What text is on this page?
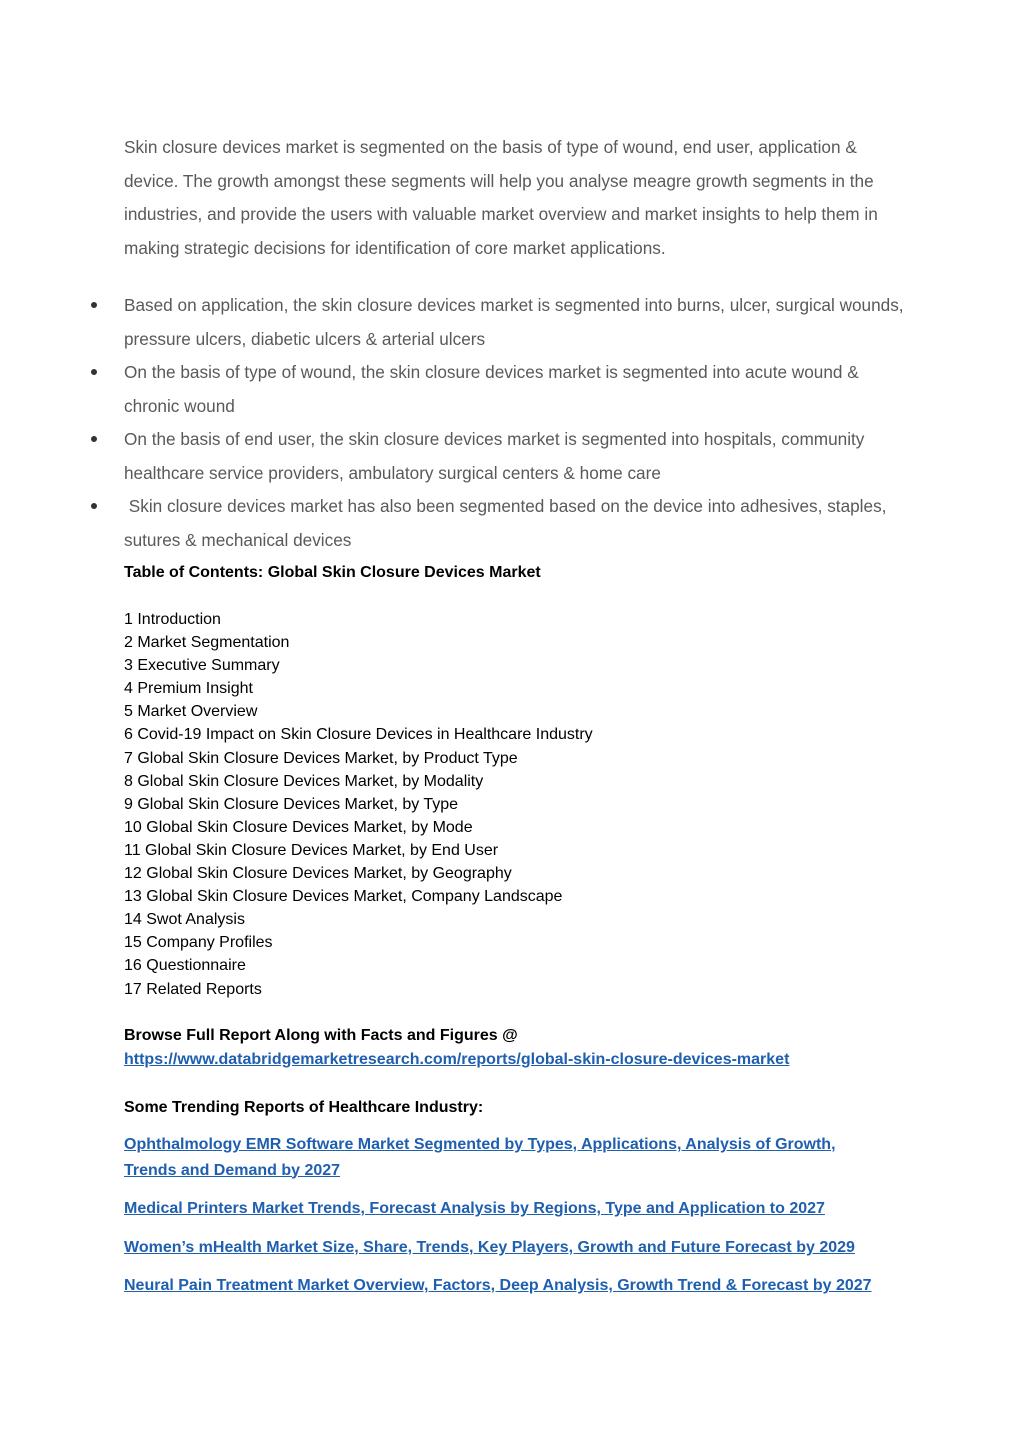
Skin closure devices market is segmented on the basis of type of wound, end user, application & device. The growth amongst these segments will help you analyse meagre growth segments in the industries, and provide the users with valuable market overview and market insights to help them in making strategic decisions for identification of core market applications.

Based on application, the skin closure devices market is segmented into burns, ulcer, surgical wounds, pressure ulcers, diabetic ulcers & arterial ulcers
On the basis of type of wound, the skin closure devices market is segmented into acute wound & chronic wound
On the basis of end user, the skin closure devices market is segmented into hospitals, community healthcare service providers, ambulatory surgical centers & home care
Skin closure devices market has also been segmented based on the device into adhesives, staples, sutures & mechanical devices

Table of Contents: Global Skin Closure Devices Market

1 Introduction
2 Market Segmentation
3 Executive Summary
4 Premium Insight
5 Market Overview
6 Covid-19 Impact on Skin Closure Devices in Healthcare Industry
7 Global Skin Closure Devices Market, by Product Type
8 Global Skin Closure Devices Market, by Modality
9 Global Skin Closure Devices Market, by Type
10 Global Skin Closure Devices Market, by Mode
11 Global Skin Closure Devices Market, by End User
12 Global Skin Closure Devices Market, by Geography
13 Global Skin Closure Devices Market, Company Landscape
14 Swot Analysis
15 Company Profiles
16 Questionnaire
17 Related Reports
Browse Full Report Along with Facts and Figures @
https://www.databridgemarketresearch.com/reports/global-skin-closure-devices-market

Some Trending Reports of Healthcare Industry:

Ophthalmology EMR Software Market Segmented by Types, Applications, Analysis of Growth, Trends and Demand by 2027

Medical Printers Market Trends, Forecast Analysis by Regions, Type and Application to 2027

Women’s mHealth Market Size, Share, Trends, Key Players, Growth and Future Forecast by 2029

Neural Pain Treatment Market Overview, Factors, Deep Analysis, Growth Trend & Forecast by 2027
